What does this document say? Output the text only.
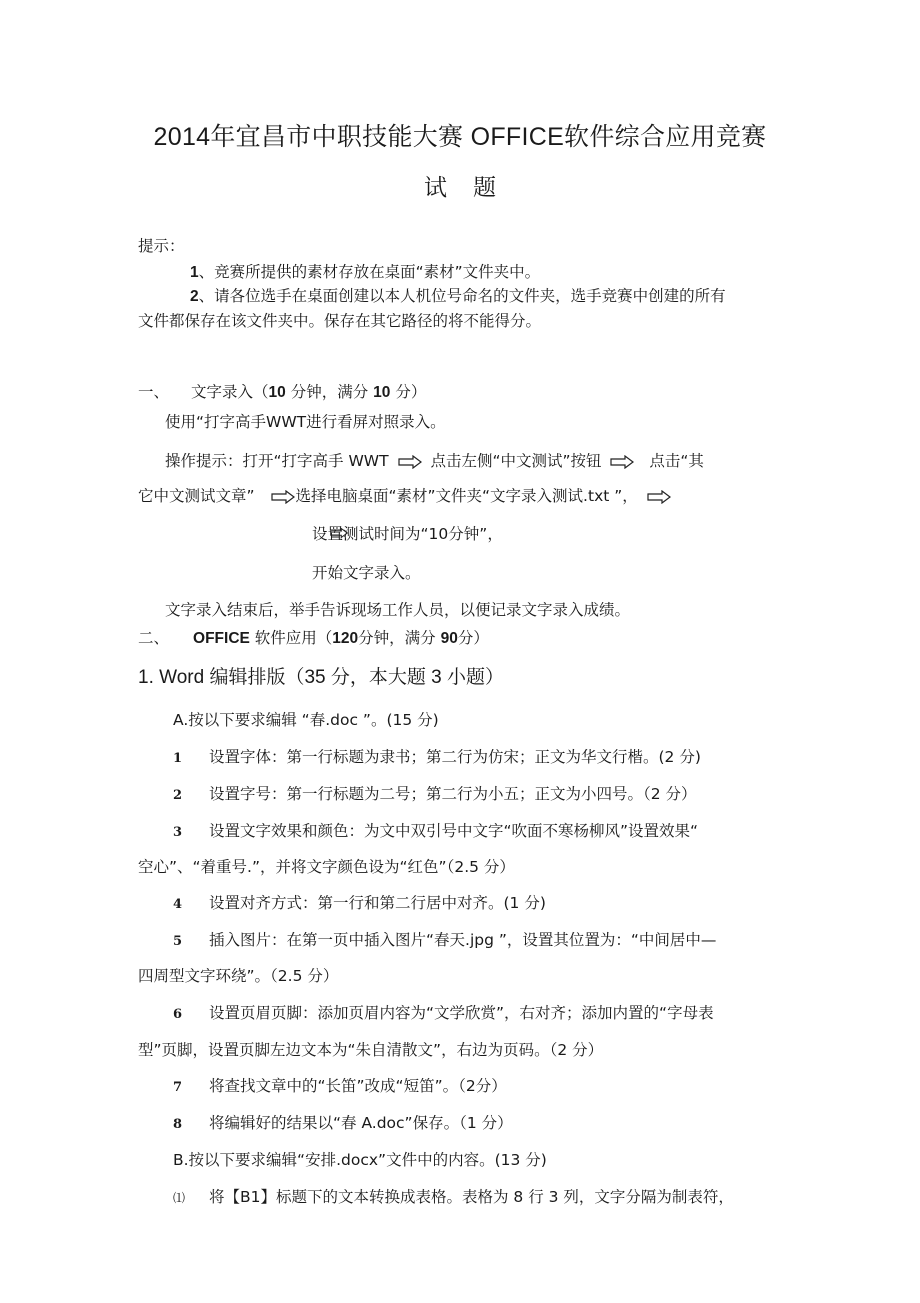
2014年宜昌市中职技能大赛 OFFICE软件综合应用竞赛
试题
提示：
1、竞赛所提供的素材存放在桌面“素材”文件夹中。
2、请各位选手在桌面创建以本人机位号命名的文件夹，选手竞赛中创建的所有
文件都保存在该文件夹中。保存在其它路径的将不能得分。
一、 文字录入（10 分钟，满分 10 分）
使用“打字高手WWT进行看屏对照录入。
操作提示：打开“打字高手 WWT	点击左侧“中文测试”按钮	点击“其
它中文测试文章”	选择电脑桌面“素材”文件夹“文字录入测试.txt ”，
设置
测试时间为“10分钟”，
开始文字录入。
文字录入结束后，举手告诉现场工作人员，以便记录文字录入成绩。
二、 OFFICE 软件应用（120分钟，满分 90分）
1. Word 编辑排版（35 分，本大题 3 小题）
A.按以下要求编辑 “春.doc ”。(15 分)
1 设置字体：第一行标题为隶书；第二行为仿宋；正文为华文行楷。(2 分)
2 设置字号：第一行标题为二号；第二行为小五；正文为小四号。（2 分）
3 设置文字效果和颜色：为文中双引号中文字“吹面不寒杨柳风”设置效果“
空心”、“着重号.”，并将文字颜色设为“红色”（2.5 分）
4 设置对齐方式：第一行和第二行居中对齐。(1 分)
5 插入图片：在第一页中插入图片“春天.jpg ”，设置其位置为：“中间居中—
四周型文字环绕”。（2.5 分）
6 设置页眉页脚：添加页眉内容为“文学欣赏”，右对齐；添加内置的“字母表
型”页脚，设置页脚左边文本为“朱自清散文”，右边为页码。（2 分）
7 将查找文章中的“长笛”改成“短笛”。（2分）
8 将编辑好的结果以“春 A.doc”保存。（1 分）
B.按以下要求编辑“安排.docx”文件中的内容。(13 分)
⑴ 将【B1】标题下的文本转换成表格。表格为 8 行 3 列，文字分隔为制表符，
